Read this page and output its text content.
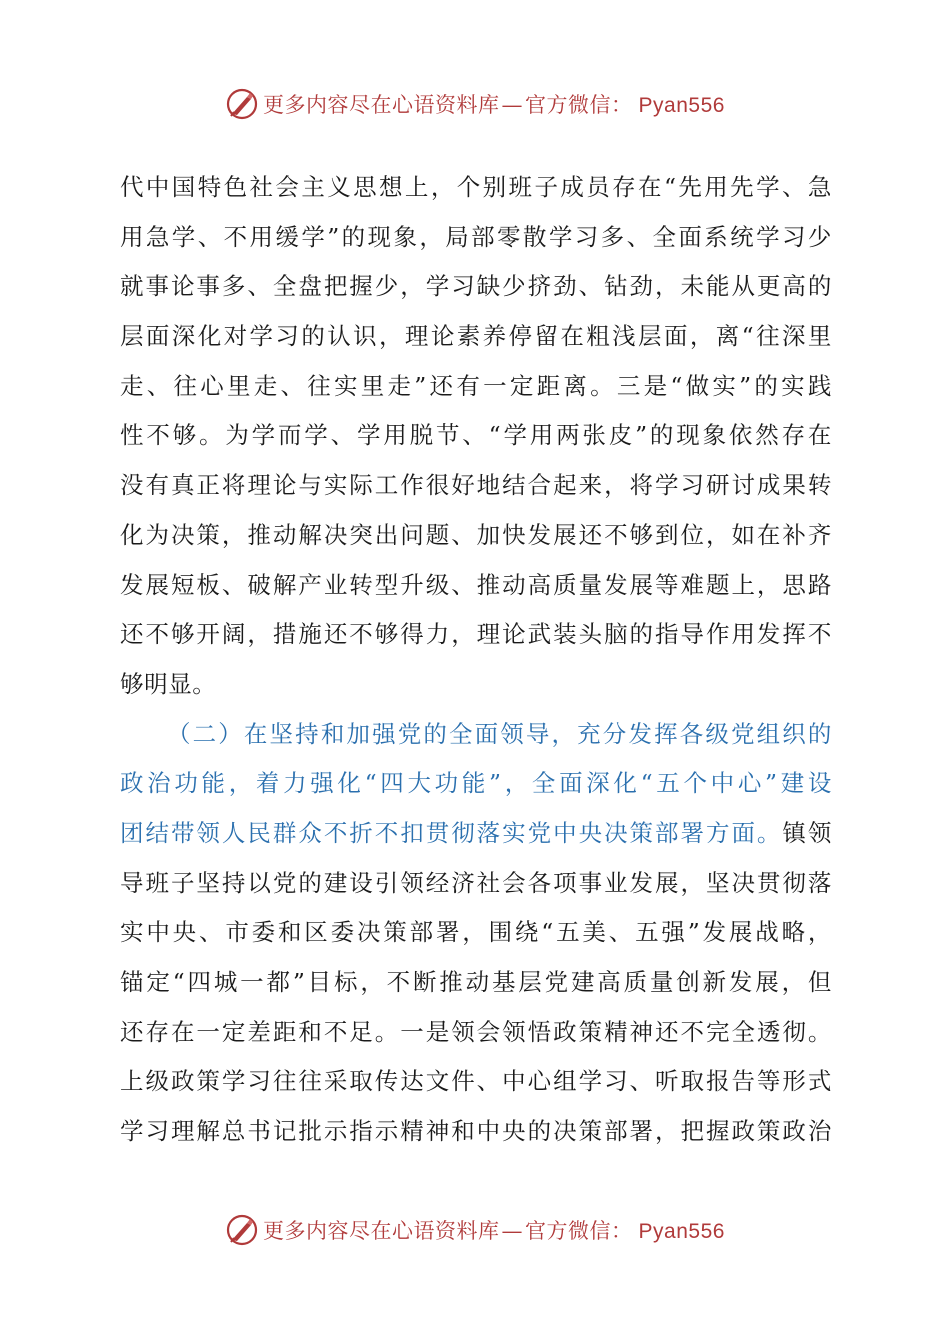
更多内容尽在心语资料库—官方微信： Pyan556
代中国特色社会主义思想上，个别班子成员存在“先用先学、急
用急学、不用缓学”的现象，局部零散学习多、全面系统学习少
就事论事多、全盘把握少，学习缺少挤劲、钻劲，未能从更高的
层面深化对学习的认识，理论素养停留在粗浅层面，离“往深里
走、往心里走、往实里走”还有一定距离。三是“做实”的实践
性不够。为学而学、学用脱节、“学用两张皮”的现象依然存在
没有真正将理论与实际工作很好地结合起来，将学习研讨成果转
化为决策，推动解决突出问题、加快发展还不够到位，如在补齐
发展短板、破解产业转型升级、推动高质量发展等难题上，思路
还不够开阔，措施还不够得力，理论武装头脑的指导作用发挥不
够明显。
（二）在坚持和加强党的全面领导，充分发挥各级党组织的
政治功能，着力强化“四大功能”，全面深化“五个中心”建设
团结带领人民群众不折不扣贯彻落实党中央决策部署方面。镇领
导班子坚持以党的建设引领经济社会各项事业发展，坚决贯彻落
实中央、市委和区委决策部署，围绕“五美、五强”发展战略，
锚定“四城一都”目标，不断推动基层党建高质量创新发展，但
还存在一定差距和不足。一是领会领悟政策精神还不完全透彻。
上级政策学习往往采取传达文件、中心组学习、听取报告等形式
学习理解总书记批示指示精神和中央的决策部署，把握政策政治
更多内容尽在心语资料库—官方微信： Pyan556
